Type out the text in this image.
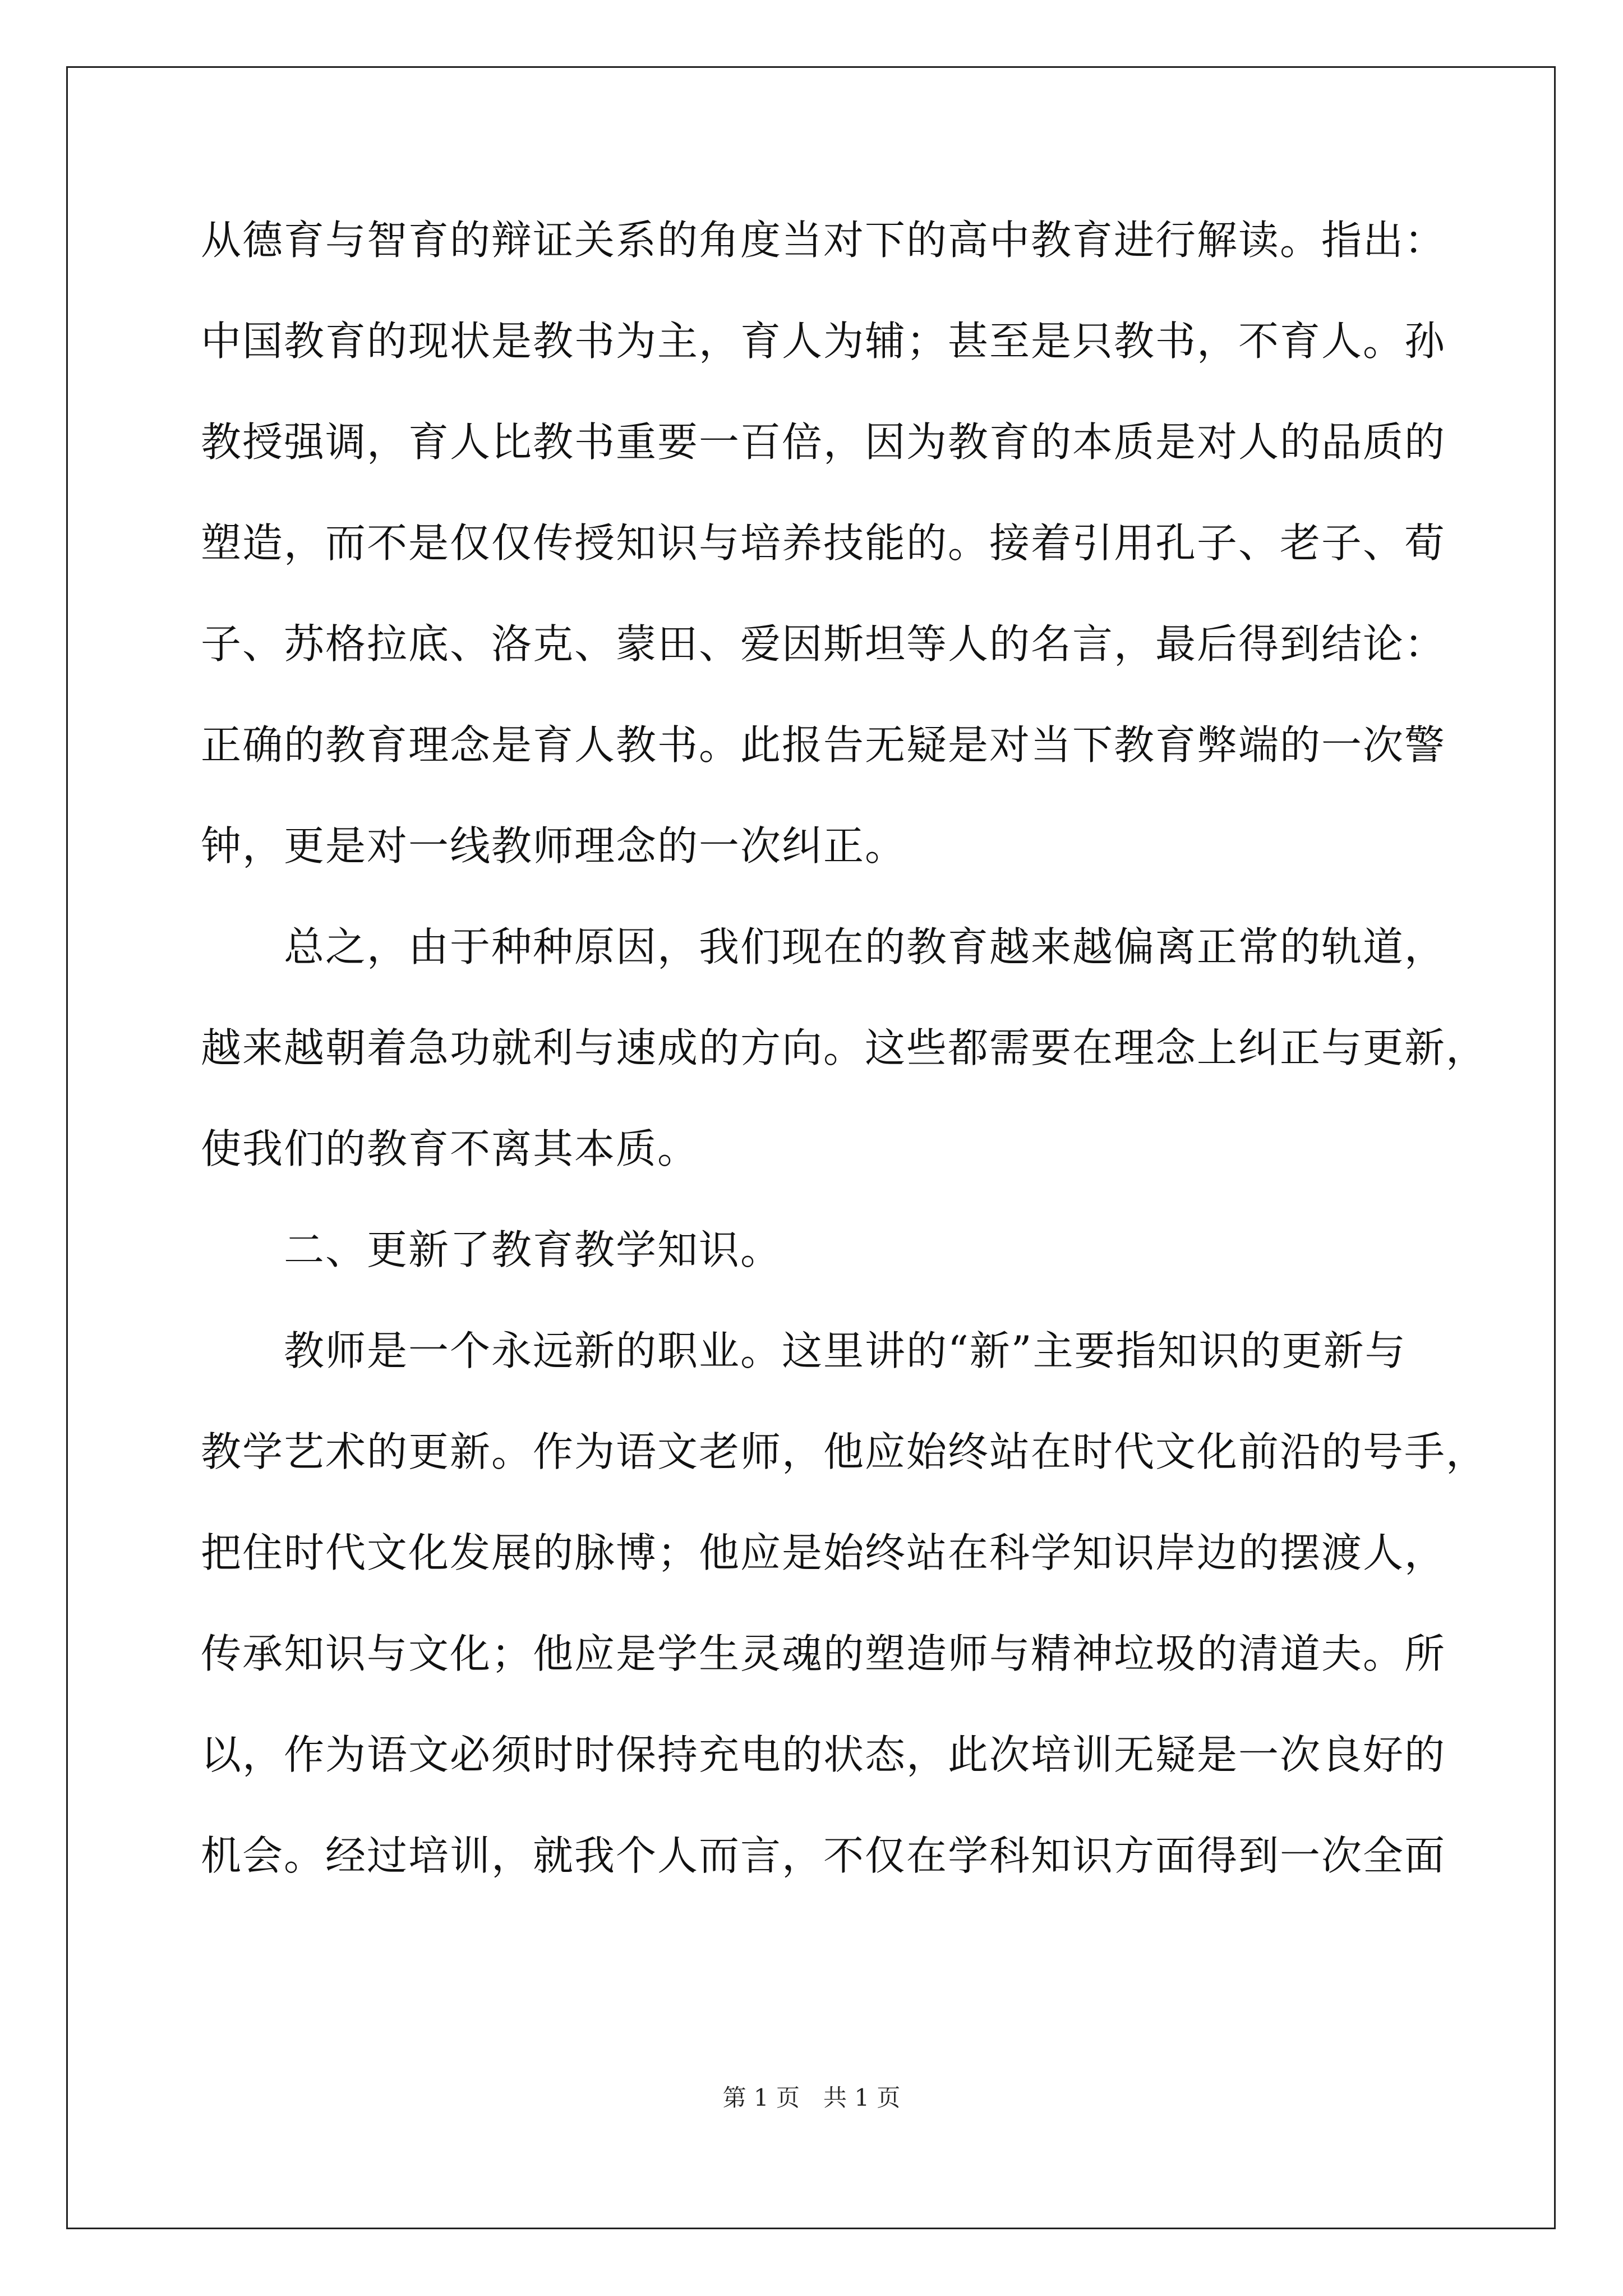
从德育与智育的辩证关系的角度当对下的高中教育进行解读。指出：
中国教育的现状是教书为主，育人为辅；甚至是只教书，不育人。孙
教授强调，育人比教书重要一百倍，因为教育的本质是对人的品质的
塑造，而不是仅仅传授知识与培养技能的。接着引用孔子、老子、荀
子、苏格拉底、洛克、蒙田、爱因斯坦等人的名言，最后得到结论：
正确的教育理念是育人教书。此报告无疑是对当下教育弊端的一次警
钟，更是对一线教师理念的一次纠正。
　　总之，由于种种原因，我们现在的教育越来越偏离正常的轨道，
越来越朝着急功就利与速成的方向。这些都需要在理念上纠正与更新，
使我们的教育不离其本质。
　　二、更新了教育教学知识。
　　教师是一个永远新的职业。这里讲的“新”主要指知识的更新与
教学艺术的更新。作为语文老师，他应始终站在时代文化前沿的号手，
把住时代文化发展的脉博；他应是始终站在科学知识岸边的摆渡人，
传承知识与文化；他应是学生灵魂的塑造师与精神垃圾的清道夫。所
以，作为语文必须时时保持充电的状态，此次培训无疑是一次良好的
机会。经过培训，就我个人而言，不仅在学科知识方面得到一次全面
第 1 页　共 1 页
